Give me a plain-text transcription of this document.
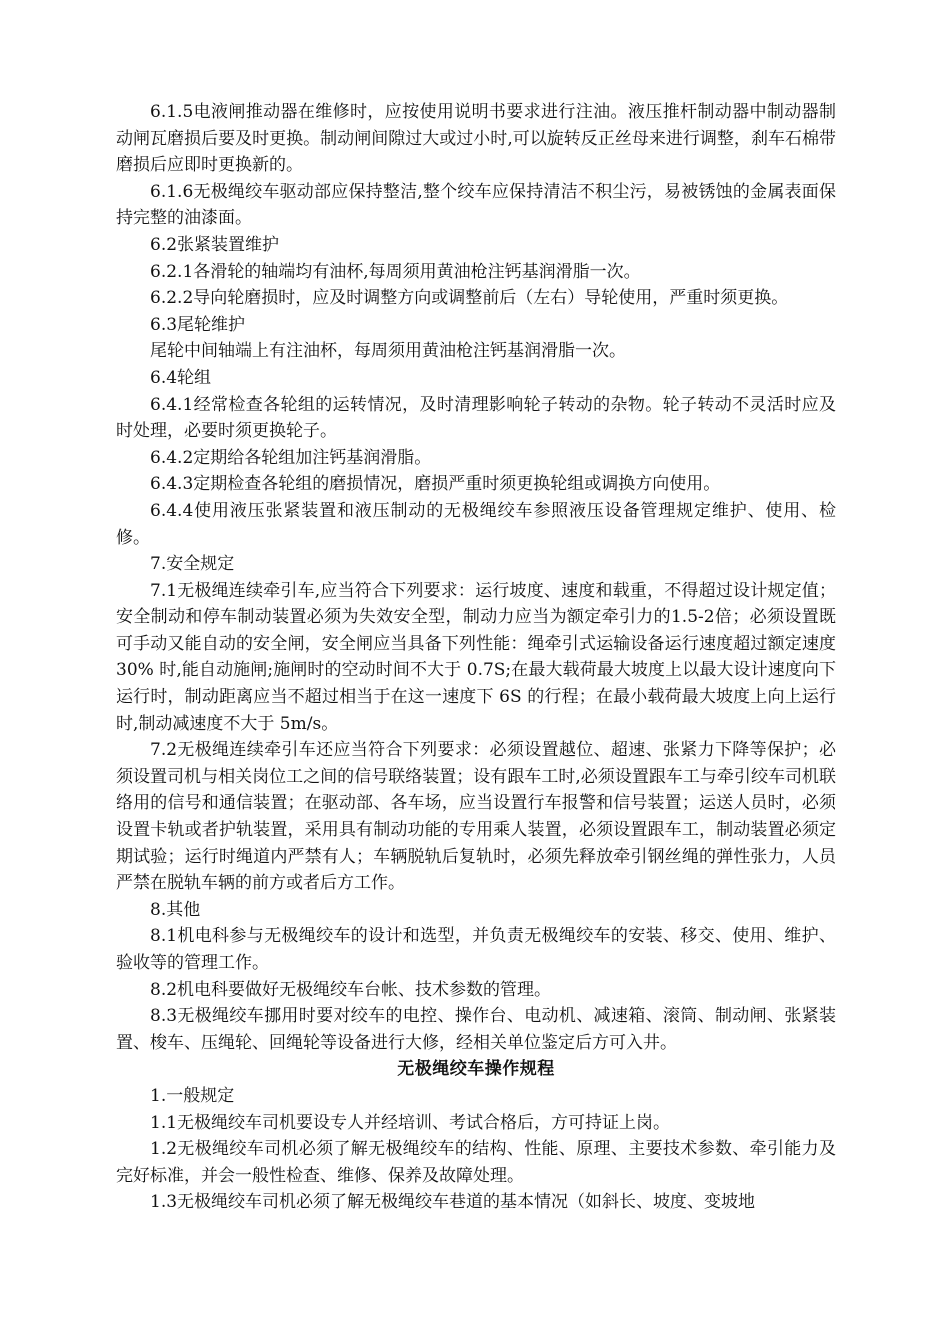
6.1.5电液闸推动器在维修时，应按使用说明书要求进行注油。液压推杆制动器中制动器制动闸瓦磨损后要及时更换。制动闸间隙过大或过小时,可以旋转反正丝母来进行调整，刹车石棉带磨损后应即时更换新的。

6.1.6无极绳绞车驱动部应保持整洁,整个绞车应保持清洁不积尘污，易被锈蚀的金属表面保持完整的油漆面。

6.2张紧装置维护

6.2.1各滑轮的轴端均有油杯,每周须用黄油枪注钙基润滑脂一次。

6.2.2导向轮磨损时，应及时调整方向或调整前后（左右）导轮使用，严重时须更换。

6.3尾轮维护

尾轮中间轴端上有注油杯，每周须用黄油枪注钙基润滑脂一次。

6.4轮组

6.4.1经常检查各轮组的运转情况，及时清理影响轮子转动的杂物。轮子转动不灵活时应及时处理，必要时须更换轮子。

6.4.2定期给各轮组加注钙基润滑脂。

6.4.3定期检查各轮组的磨损情况，磨损严重时须更换轮组或调换方向使用。

6.4.4使用液压张紧装置和液压制动的无极绳绞车参照液压设备管理规定维护、使用、检修。

7.安全规定

7.1无极绳连续牵引车,应当符合下列要求：运行坡度、速度和载重，不得超过设计规定值；安全制动和停车制动装置必须为失效安全型，制动力应当为额定牵引力的1.5-2倍；必须设置既可手动又能自动的安全闸，安全闸应当具备下列性能：绳牵引式运输设备运行速度超过额定速度 30% 时,能自动施闸;施闸时的空动时间不大于 0.7S;在最大载荷最大坡度上以最大设计速度向下运行时，制动距离应当不超过相当于在这一速度下 6S 的行程；在最小载荷最大坡度上向上运行时,制动减速度不大于 5m/s。

7.2无极绳连续牵引车还应当符合下列要求：必须设置越位、超速、张紧力下降等保护；必须设置司机与相关岗位工之间的信号联络装置；设有跟车工时,必须设置跟车工与牵引绞车司机联络用的信号和通信装置；在驱动部、各车场，应当设置行车报警和信号装置；运送人员时，必须设置卡轨或者护轨装置，采用具有制动功能的专用乘人装置，必须设置跟车工，制动装置必须定期试验；运行时绳道内严禁有人；车辆脱轨后复轨时，必须先释放牵引钢丝绳的弹性张力，人员严禁在脱轨车辆的前方或者后方工作。

8.其他

8.1机电科参与无极绳绞车的设计和选型，并负责无极绳绞车的安装、移交、使用、维护、验收等的管理工作。

8.2机电科要做好无极绳绞车台帐、技术参数的管理。

8.3无极绳绞车挪用时要对绞车的电控、操作台、电动机、减速箱、滚筒、制动闸、张紧装置、梭车、压绳轮、回绳轮等设备进行大修，经相关单位鉴定后方可入井。

无极绳绞车操作规程

1.一般规定

1.1无极绳绞车司机要设专人并经培训、考试合格后，方可持证上岗。

1.2无极绳绞车司机必须了解无极绳绞车的结构、性能、原理、主要技术参数、牵引能力及完好标准，并会一般性检查、维修、保养及故障处理。

1.3无极绳绞车司机必须了解无极绳绞车巷道的基本情况（如斜长、坡度、变坡地
